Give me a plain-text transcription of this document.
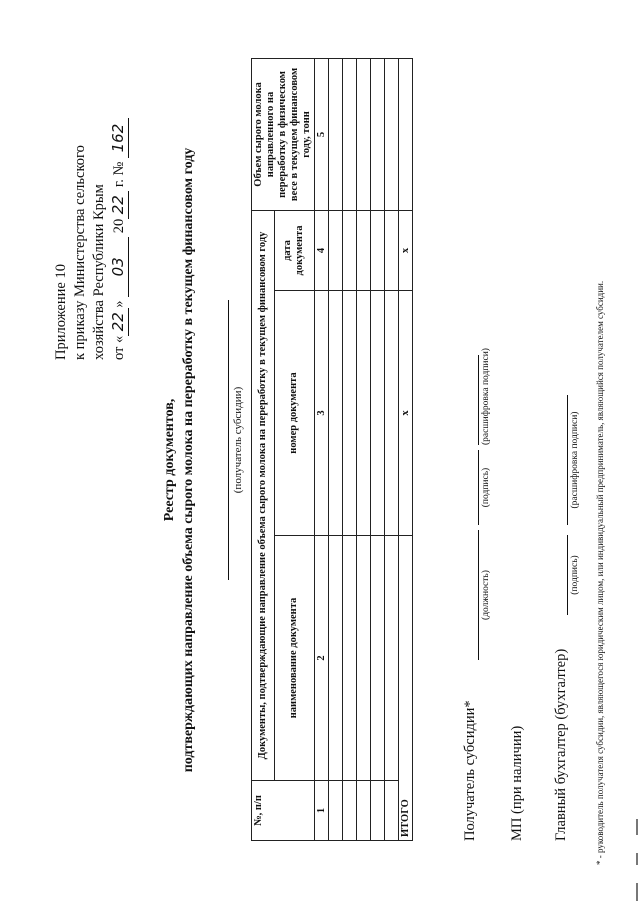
Приложение 10 к приказу Министерства сельского хозяйства Республики Крым от «22» 03 2022 г. № 162
Реестр документов, подтверждающих направление объема сырого молока на переработку в текущем финансовом году	(получатель субсидии)
№, п/п	Документы, подтверждающие направление объема сырого молока на переработку в текущем финансовом году			Объем сырого молока направленного на переработку в физическом весе в текущем финансовом году, тонн
	наименование документа	номер документа	дата документа	
1	2	3	4	5

ИТОГО		х	х	
Получатель субсидии*
(должность)
(подпись)
(расшифровка подписи)
МП (при наличии) Главный бухгалтер (бухгалтер)
(подпись)
(расшифровка подписи) * - руководитель получателя субсидии, являющегося юридическим лицом, или индивидуальный предприниматель, являющийся получателем субсидии.
